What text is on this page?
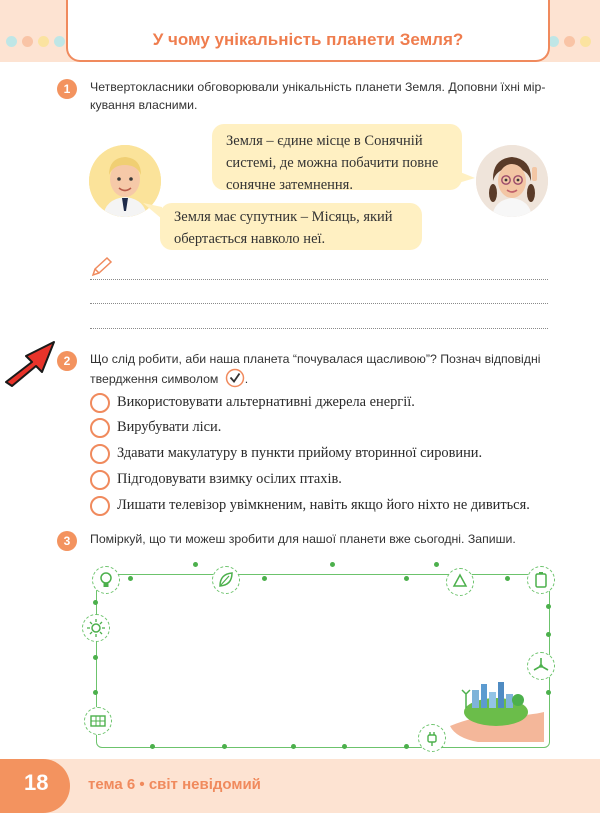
У чому унікальність планети Земля?
1	Четвертокласники обговорювали унікальність планети Земля. Доповни їхні мір-
кування власними.
Земля – єдине місце в Сонячній
системі, де можна побачити повне
сонячне затемнення.
Земля має супутник – Місяць, який
обертається навколо неї.
2	Що слід робити, аби наша планета “почувалася щасливою”? Познач відповідні
твердження символом .
Використовувати альтернативні джерела енергії.
Вирубувати ліси.
Здавати макулатуру в пункти прийому вторинної сировини.
Підгодовувати взимку осілих птахів.
Лишати телевізор увімкненим, навіть якщо його ніхто не дивиться.
3	Поміркуй, що ти можеш зробити для нашої планети вже сьогодні. Запиши.
18	тема 6 • світ невідомий
